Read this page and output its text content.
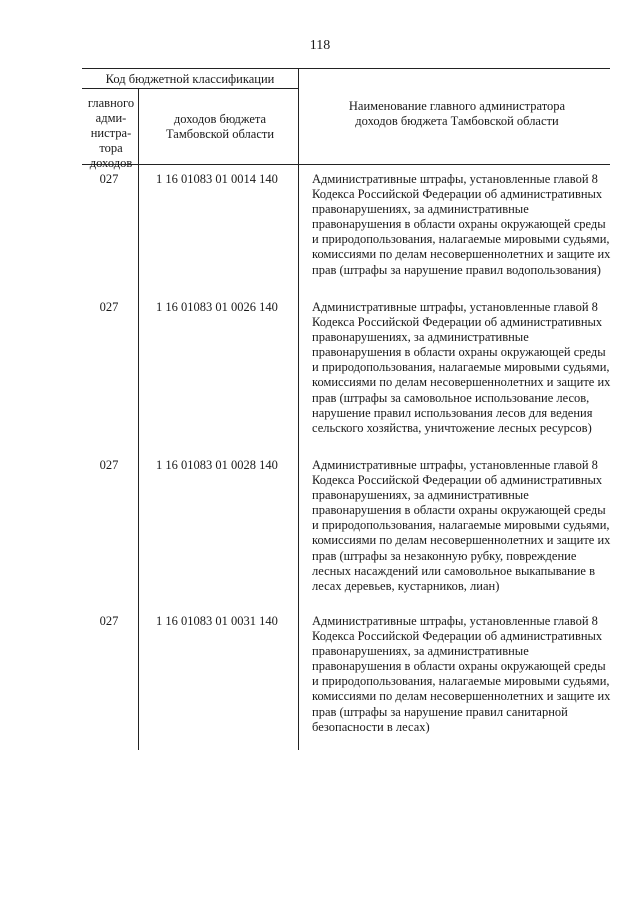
118
Код бюджетной классификации
главного адми-нистра-тора доходов
доходов бюджета Тамбовской области
Наименование главного администратора доходов бюджета Тамбовской области
027	1 16 01083 01 0014 140	Административные штрафы, установленные главой 8 Кодекса Российской Федерации об административных правонарушениях, за административные правонарушения в области охраны окружающей среды и природопользования, налагаемые мировыми судьями, комиссиями по делам несовершеннолетних и защите их прав (штрафы за нарушение правил водопользования)
027	1 16 01083 01 0026 140	Административные штрафы, установленные главой 8 Кодекса Российской Федерации об административных правонарушениях, за административные правонарушения в области охраны окружающей среды и природопользования, налагаемые мировыми судьями, комиссиями по делам несовершеннолетних и защите их прав (штрафы за самовольное использование лесов, нарушение правил использования лесов для ведения сельского хозяйства, уничтожение лесных ресурсов)
027	1 16 01083 01 0028 140	Административные штрафы, установленные главой 8 Кодекса Российской Федерации об административных правонарушениях, за административные правонарушения в области охраны окружающей среды и природопользования, налагаемые мировыми судьями, комиссиями по делам несовершеннолетних и защите их прав (штрафы за незаконную рубку, повреждение лесных насаждений или самовольное выкапывание в лесах деревьев, кустарников, лиан)
027	1 16 01083 01 0031 140	Административные штрафы, установленные главой 8 Кодекса Российской Федерации об административных правонарушениях, за административные правонарушения в области охраны окружающей среды и природопользования, налагаемые мировыми судьями, комиссиями по делам несовершеннолетних и защите их прав (штрафы за нарушение правил санитарной безопасности в лесах)
